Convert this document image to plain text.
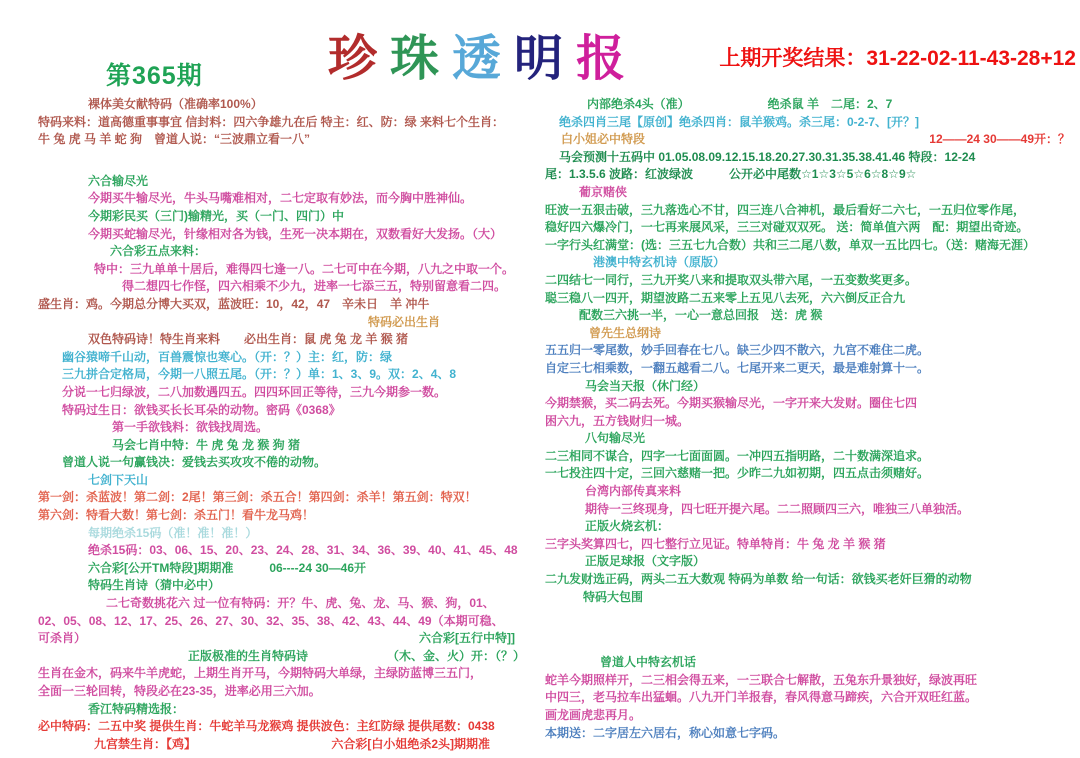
第365期	珍珠透明报	上期开奖结果：31-22-02-11-43-28+12
裸体美女献特码（准确率100%）
特码来料：道高德重事事宜 信封料：四六争雄九在后 特主：红、防：绿 来料七个生肖：
牛 兔 虎 马 羊 蛇 狗　曾道人说：“三波鼎立看一八”
六合输尽光
今期买牛输尽光，牛头马嘴难相对，二七定取有妙法，而今胸中胜神仙。
今期彩民买（三门)输精光，买（一门、四门）中
今期买蛇输尽光，针缘相对各为钱，生死一决本期在，双数看好大发扬。（大）
六合彩五点来料：
特中：三九单单十居后，难得四七逢一八。二七可中在今期，八九之中取一个。
得二想四七作怪，四六相乘不少九，进率一七添三五，特别留意看二四。
盛生肖：鸡。今期总分博大买双，蓝波旺：10，42，47　辛未日　羊 冲牛
特码必出生肖
双色特码诗！特生肖来料　　必出生肖：鼠 虎 兔 龙 羊 猴 猪
幽谷猿啼千山动，百兽震惊也寒心。（开：？）主：红，防：绿
三九拼合定格局，今期一八照五尾。（开：？）单：1、3、9。双：2、4、8
分说一七归绿波，二八加数遇四五。四四环回正等待，三九今期参一数。
特码过生日：欲钱买长长耳朵的动物。密码《0368》
第一手欲钱料：欲钱找周选。
马会七肖中特：牛 虎 兔 龙 猴 狗 猪
曾道人说一句赢钱决：爱钱去买攻攻不倦的动物。
七剑下天山
第一剑：杀蓝波！第二剑：2尾！第三剑：杀五合！第四剑：杀羊！第五剑：特双！
第六剑：特看大数！第七剑：杀五门！看牛龙马鸡！
每期绝杀15码（准！准！准！）
绝杀15码：03、06、15、20、23、24、28、31、34、36、39、40、41、45、48
六合彩[公开TM特段]期期准　　　06----24 30—46开
特码生肖诗（猜中必中）
二七奇数挑花六 过一位有特码：开？牛、虎、兔、龙、马、猴、狗，01、
02、05、08、12、17、25、26、27、30、32、35、38、42、43、44、49（本期可稳、
可杀肖）	六合彩[五行中特]]
正版极准的生肖特码诗	（木、金、火）开：（？）
生肖在金木，码来牛羊虎蛇，上期生肖开马，今期特码大单绿，主绿防蓝博三五门，
全面一三轮回转，特段必在23-35，进率必用三六加。
香江特码精选报：
必中特码：二五中奖 提供生肖：牛蛇羊马龙猴鸡 提供波色：主红防绿 提供尾数：0438
九宫禁生肖：【鸡】	六合彩[白小姐绝杀2头]期期准
内部绝杀4头（准）　　　　　　　绝杀鼠 羊　二尾：2、7
绝杀四肖三尾【原创】绝杀四肖：鼠羊猴鸡。杀三尾：0-2-7、[开？]
白小姐必中特段	12——24 30——49开：？
马会预测十五码中 01.05.08.09.12.15.18.20.27.30.31.35.38.41.46 特段：12-24
尾：1.3.5.6 波路：红波绿波　　　公开必中尾数☆1☆3☆5☆6☆8☆9☆
葡京赌侠
旺波一五狠击破，三九落选心不甘，四三连八合神机，最后看好二六七，一五归位零作尾，
稳好四六爆冷门，一七再来展风采，三三对碰双双死。 送：简单值六两　配：期望出奇迹。
一字行头红满堂：(选：三五七九合数）共和三二尾八数，单双一五比四七。（送：赌海无涯）
港澳中特玄机诗（原版）
二四结七一同行，三九开奖八来和提取双头带六尾，一五变数奖更多。
聪三稳八一四开，期望波路二五来零上五见八去死，六六倒反正合九
配数三六挑一半，一心一意总回报　送：虎 猴
曾先生总纲诗
五五归一零尾数，妙手回春在七八。缺三少四不散六，九宫不难住二虎。
自定三七相乘数，一翻五越看二八。七尾开来二更天，最是难射算十一。
马会当天报（休门经）
今期禁猴，买二码去死。今期买猴输尽光，一字开来大发财。圈住七四
困六九，五方钱财归一城。
八句输尽光
二三相同不谋合，四字一七面面圆。一冲四五指明路，二十数满深追求。
一七投注四十定，三回六慈赌一把。少昨二九如初期，四五点击须赌好。
台湾内部传真来料
期待一三终现身，四七旺开提六尾。二二照顾四三六，唯独三八单独活。
正版火烧玄机：
三字头奖算四七，四七整行立见证。特单特肖：牛 兔 龙 羊 猴 猪
正版足球报（文字版）
二九发财选正码，两头二五大数观 特码为单数 给一句话：欲钱买老奸巨猾的动物
特码大包围
曾道人中特玄机话
蛇羊今期照样开，二三相会得五来，一三联合七解散，五兔东升景独好，绿波再旺
中四三，老马拉车出猛蛔。八九开门羊报春，春风得意马蹄疾，六合开双旺红蓝。
画龙画虎悲再月。
本期送：二字居左六居右，称心如意七字码。
